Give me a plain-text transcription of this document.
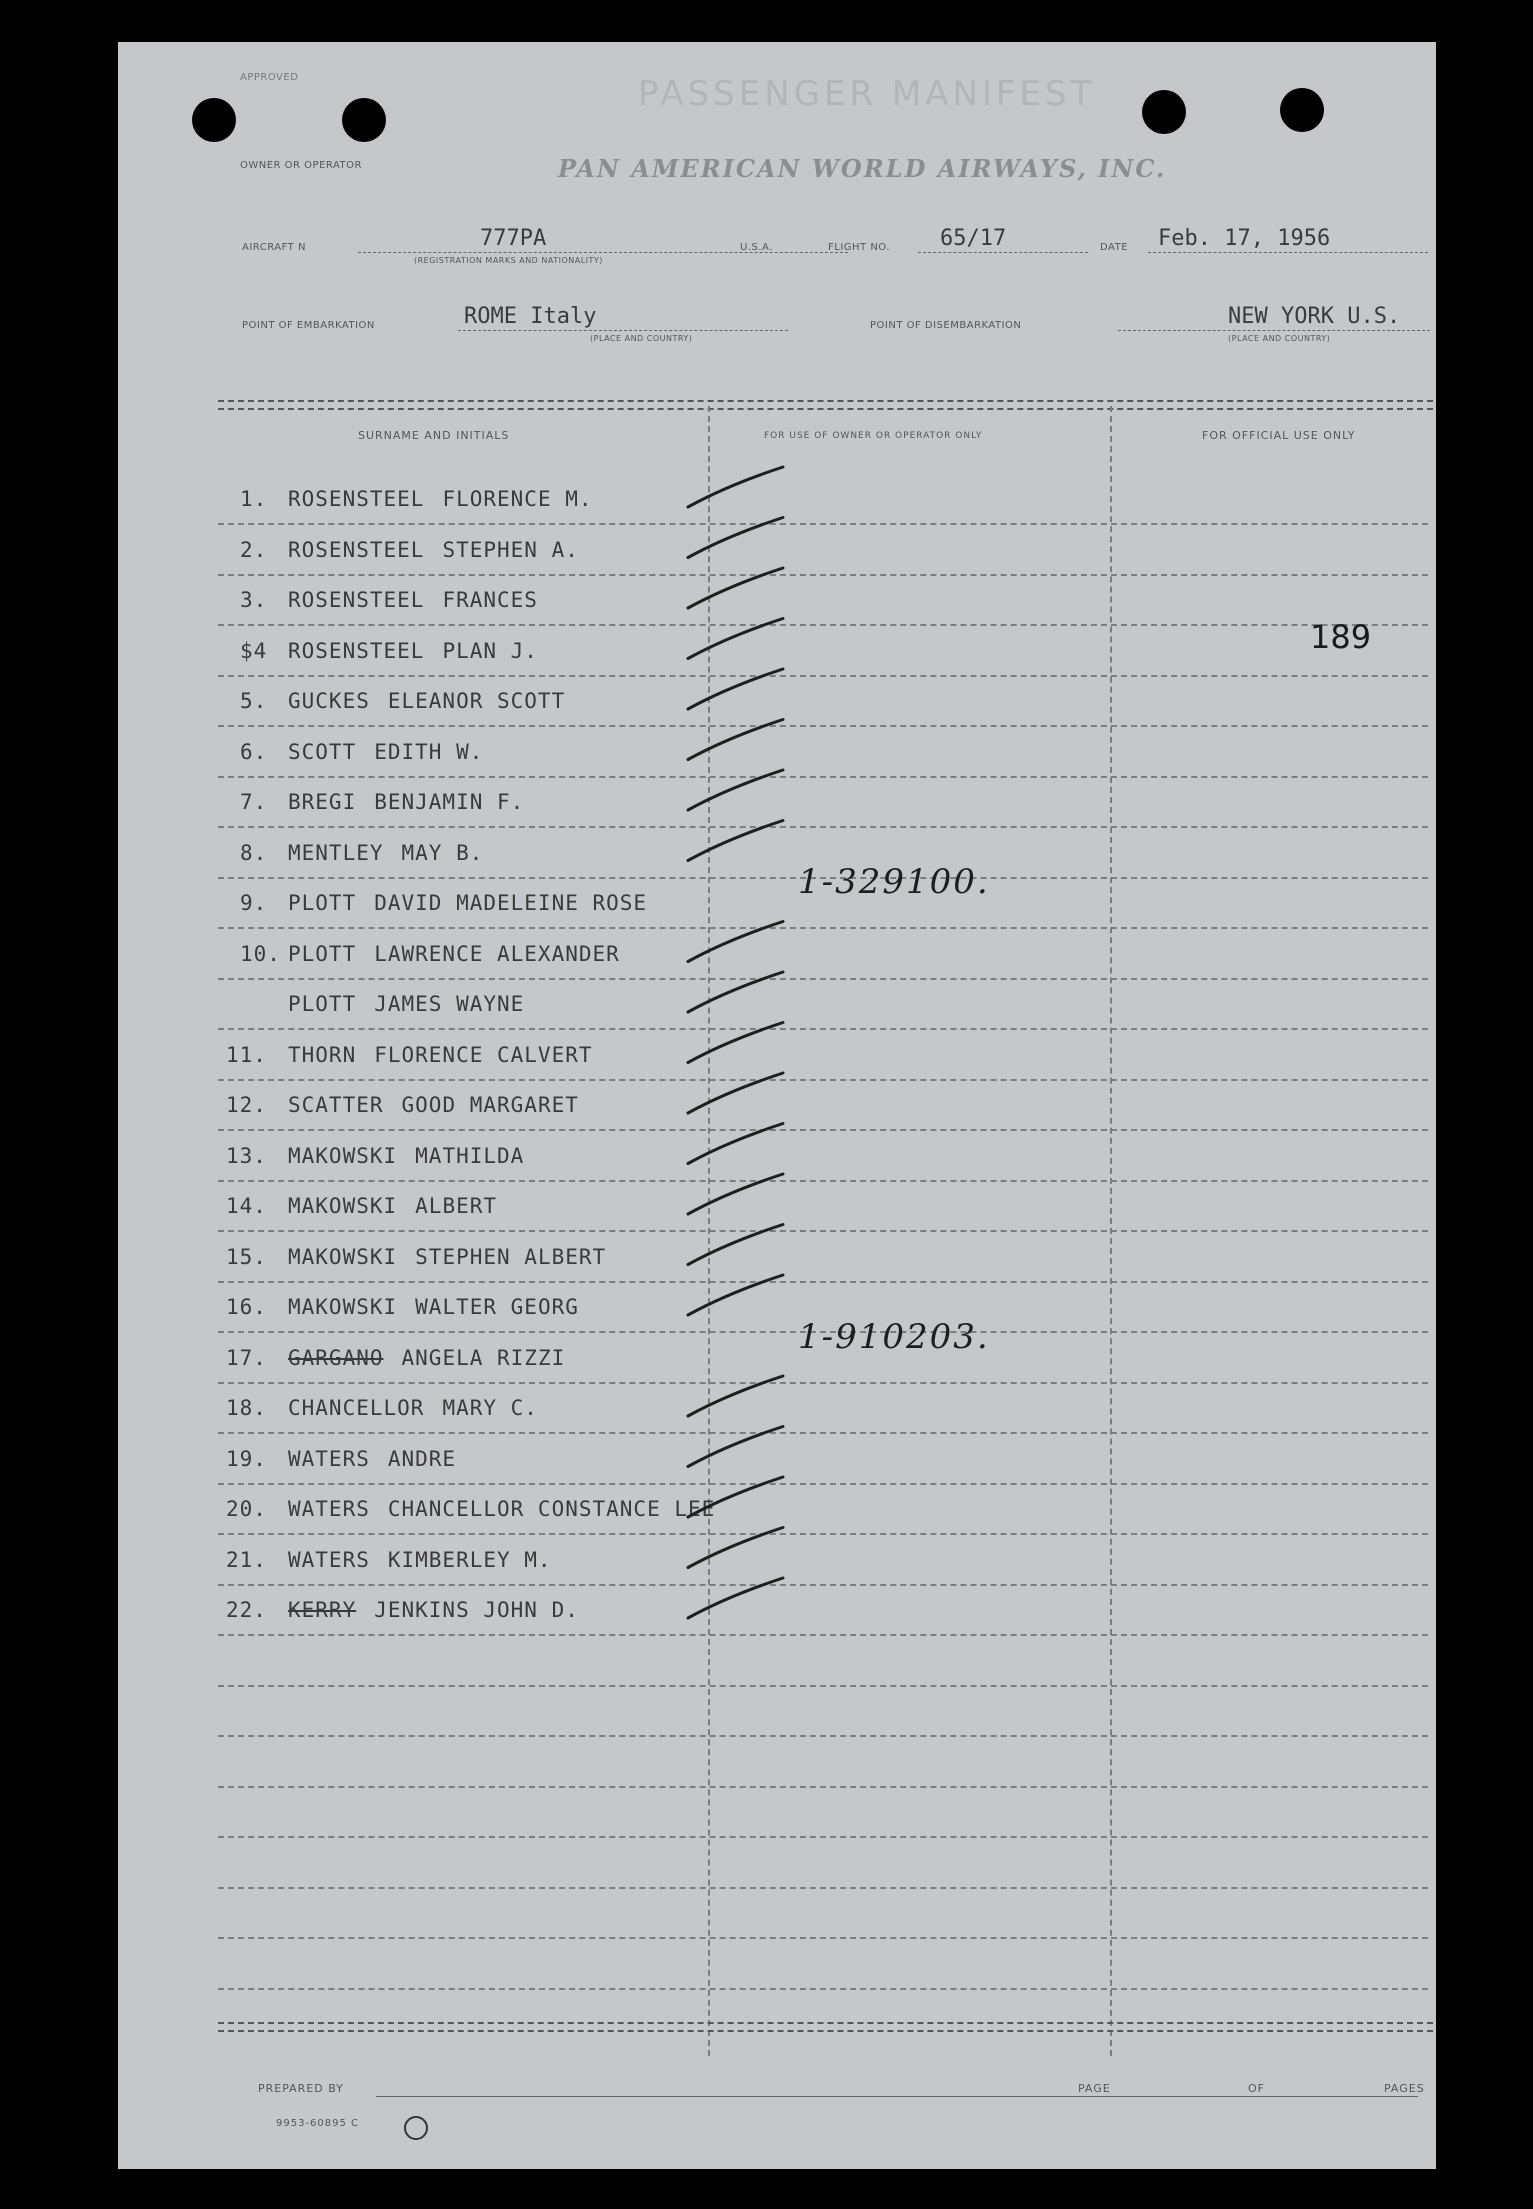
APPROVED	PASSENGER MANIFEST
OWNER OR OPERATOR	PAN AMERICAN WORLD AIRWAYS, INC.
AIRCRAFT N	777PA
(REGISTRATION MARKS AND NATIONALITY)
U.S.A.	FLIGHT NO. 65/17	DATE Feb. 17, 1956
POINT OF EMBARKATION	ROME Italy
(PLACE AND COUNTRY)
POINT OF DISEMBARKATION	NEW YORK U.S.
(PLACE AND COUNTRY)
SURNAME AND INITIALS	FOR USE OF OWNER OR OPERATOR ONLY	FOR OFFICIAL USE ONLY
189
1-329100.
1-910203.
1. ROSENSTEEL FLORENCE M.
2. ROSENSTEEL STEPHEN A.
3. ROSENSTEEL FRANCES
$4 ROSENSTEEL PLAN J.
5. GUCKES ELEANOR SCOTT
6. SCOTT EDITH W.
7. BREGI BENJAMIN F.
8. MENTLEY MAY B.
9. PLOTT DAVID MADELEINE ROSE
10. PLOTT LAWRENCE ALEXANDER
PLOTT JAMES WAYNE
11. THORN FLORENCE CALVERT
12. SCATTER GOOD MARGARET
13. MAKOWSKI MATHILDA
14. MAKOWSKI ALBERT
15. MAKOWSKI STEPHEN ALBERT
16. MAKOWSKI WALTER GEORG
17. GARGANO ANGELA RIZZI
18. CHANCELLOR MARY C.
19. WATERS ANDRE
20. WATERS CHANCELLOR CONSTANCE LEE
21. WATERS KIMBERLEY M.
22. KERRY JENKINS JOHN D.
PREPARED BY	PAGE	OF	PAGES
9953-60895 C
